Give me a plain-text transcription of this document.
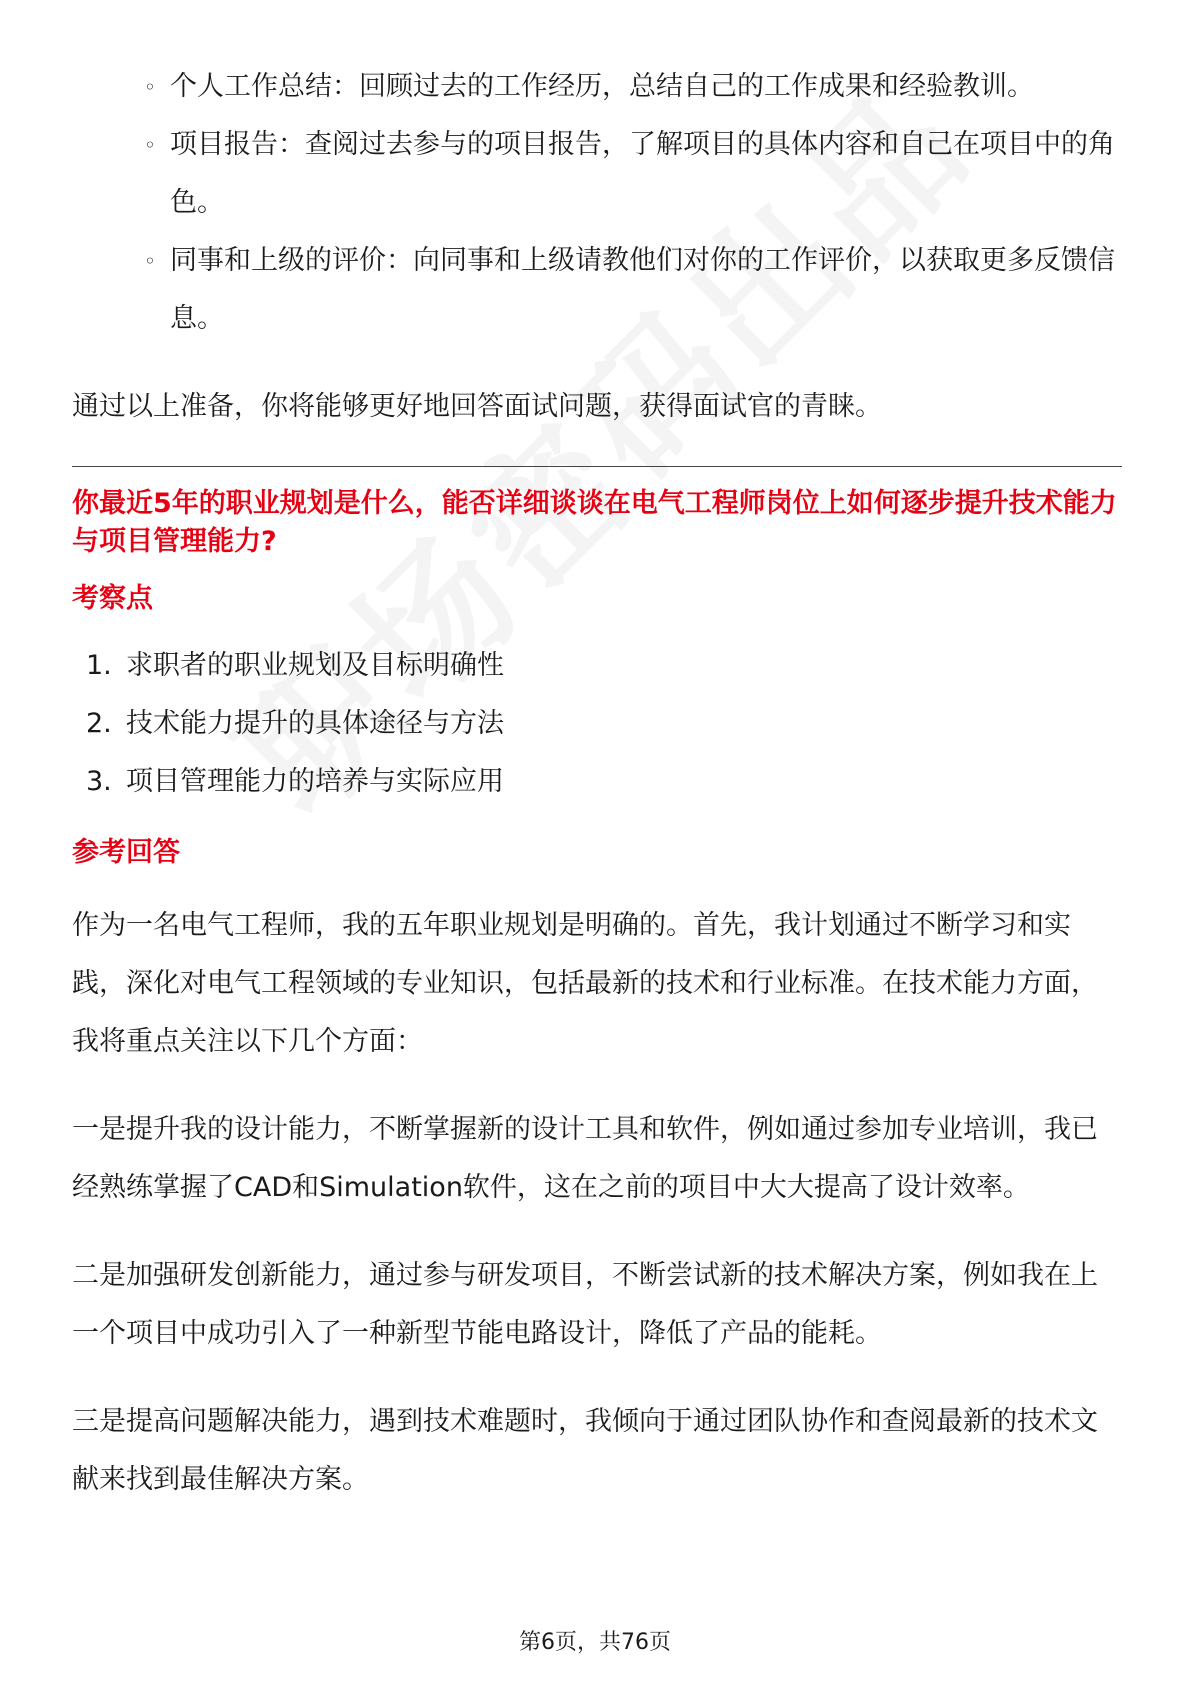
◦ 个人工作总结：回顾过去的工作经历，总结自己的工作成果和经验教训。
◦ 项目报告：查阅过去参与的项目报告，了解项目的具体内容和自己在项目中的角色。
◦ 同事和上级的评价：向同事和上级请教他们对你的工作评价，以获取更多反馈信息。

通过以上准备，你将能够更好地回答面试问题，获得面试官的青睐。

你最近5年的职业规划是什么，能否详细谈谈在电气工程师岗位上如何逐步提升技术能力与项目管理能力?

考察点

1. 求职者的职业规划及目标明确性
2. 技术能力提升的具体途径与方法
3. 项目管理能力的培养与实际应用

参考回答

作为一名电气工程师，我的五年职业规划是明确的。首先，我计划通过不断学习和实践，深化对电气工程领域的专业知识，包括最新的技术和行业标准。在技术能力方面，我将重点关注以下几个方面：

一是提升我的设计能力，不断掌握新的设计工具和软件，例如通过参加专业培训，我已经熟练掌握了CAD和Simulation软件，这在之前的项目中大大提高了设计效率。

二是加强研发创新能力，通过参与研发项目，不断尝试新的技术解决方案，例如我在上一个项目中成功引入了一种新型节能电路设计，降低了产品的能耗。

三是提高问题解决能力，遇到技术难题时，我倾向于通过团队协作和查阅最新的技术文献来找到最佳解决方案。

第6页，共76页
